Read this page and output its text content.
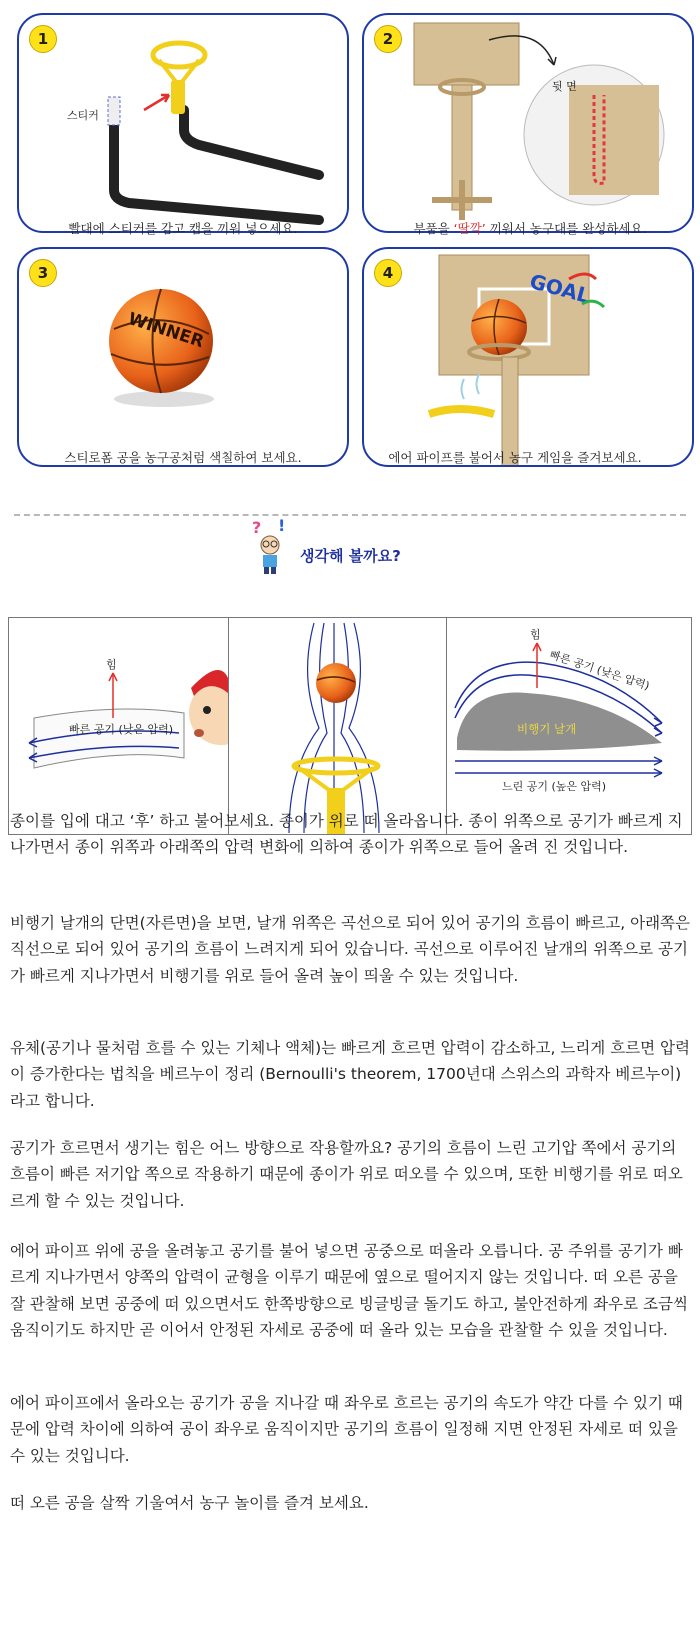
1
스티커
빨대에 스티커를 감고 캡을 끼워 넣으세요.
2
뒷 면
부품을 ‘딸깍’ 끼워서 농구대를 완성하세요.
3
WINNER
스티로폼 공을 농구공처럼 색칠하여 보세요.
4	GOAL
에어 파이프를 불어서 농구 게임을 즐겨보세요.
? !
생각해 볼까요?
힘
빠른 공기 (낮은 압력)
힘
빠른 공기 (낮은 압력)
비행기 날개
느린 공기 (높은 압력)

종이를 입에 대고 ‘후’ 하고 불어보세요. 종이가 위로 떠 올라옵니다. 종이 위쪽으로 공기가 빠르게 지나가면서 종이 위쪽과 아래쪽의 압력 변화에 의하여 종이가 위쪽으로 들어 올려 진 것입니다.

비행기 날개의 단면(자른면)을 보면, 날개 위쪽은 곡선으로 되어 있어 공기의 흐름이 빠르고, 아래쪽은 직선으로 되어 있어 공기의 흐름이 느려지게 되어 있습니다. 곡선으로 이루어진 날개의 위쪽으로 공기가 빠르게 지나가면서 비행기를 위로 들어 올려 높이 띄울 수 있는 것입니다.

유체(공기나 물처럼 흐를 수 있는 기체나 액체)는 빠르게 흐르면 압력이 감소하고, 느리게 흐르면 압력이 증가한다는 법칙을 베르누이 정리 (Bernoulli's theorem, 1700년대 스위스의 과학자 베르누이)라고 합니다.

공기가 흐르면서 생기는 힘은 어느 방향으로 작용할까요? 공기의 흐름이 느린 고기압 쪽에서 공기의 흐름이 빠른 저기압 쪽으로 작용하기 때문에 종이가 위로 떠오를 수 있으며, 또한 비행기를 위로 떠오르게 할 수 있는 것입니다.

에어 파이프 위에 공을 올려놓고 공기를 불어 넣으면 공중으로 떠올라 오릅니다. 공 주위를 공기가 빠르게 지나가면서 양쪽의 압력이 균형을 이루기 때문에 옆으로 떨어지지 않는 것입니다. 떠 오른 공을 잘 관찰해 보면 공중에 떠 있으면서도 한쪽방향으로 빙글빙글 돌기도 하고, 불안전하게 좌우로 조금씩 움직이기도 하지만 곧 이어서 안정된 자세로 공중에 떠 올라 있는 모습을 관찰할 수 있을 것입니다.

에어 파이프에서 올라오는 공기가 공을 지나갈 때 좌우로 흐르는 공기의 속도가 약간 다를 수 있기 때문에 압력 차이에 의하여 공이 좌우로 움직이지만 공기의 흐름이 일정해 지면 안정된 자세로 떠 있을 수 있는 것입니다.

떠 오른 공을 살짝 기울여서 농구 놀이를 즐겨 보세요.
